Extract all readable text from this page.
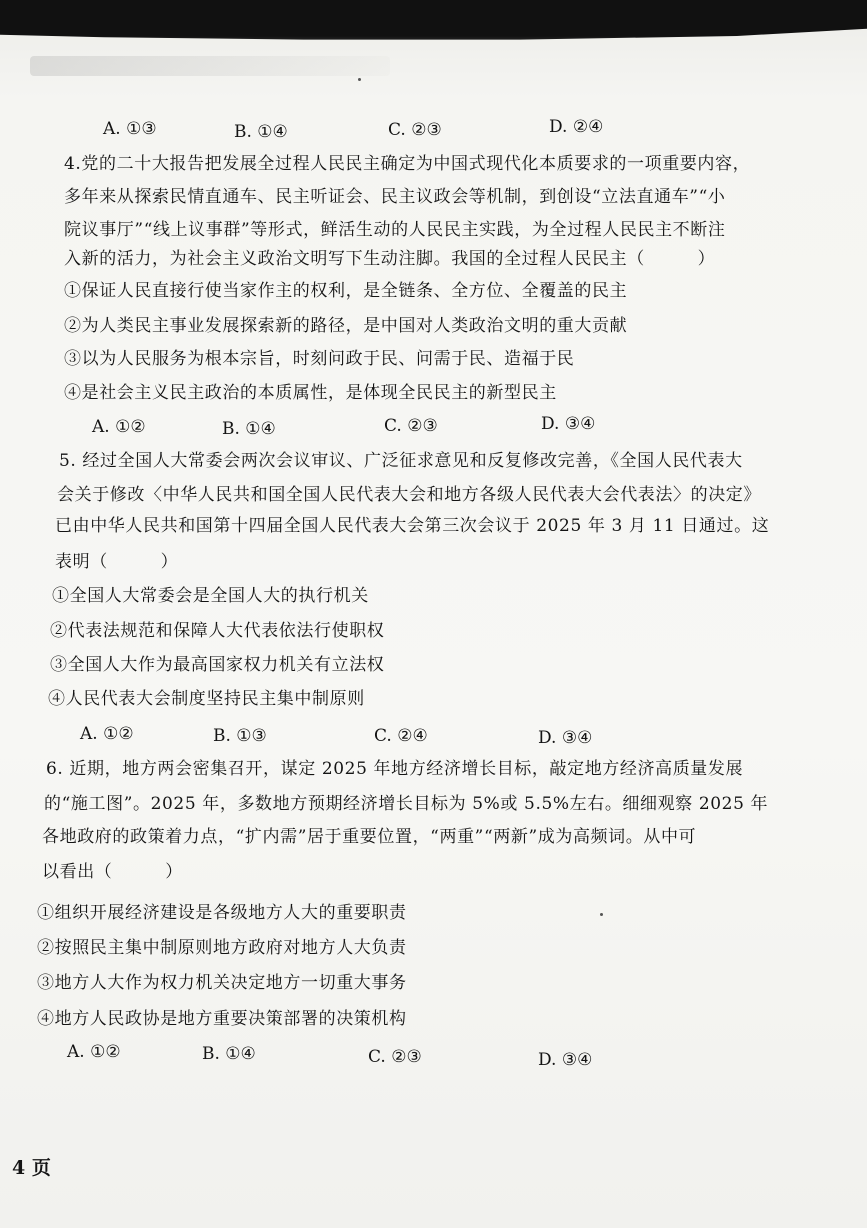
A. ①③	B. ①④	C. ②③	D. ②④
4.党的二十大报告把发展全过程人民民主确定为中国式现代化本质要求的一项重要内容，
多年来从探索民情直通车、民主听证会、民主议政会等机制，到创设“立法直通车”“小
院议事厅”“线上议事群”等形式，鲜活生动的人民民主实践，为全过程人民民主不断注
入新的活力，为社会主义政治文明写下生动注脚。我国的全过程人民民主（　　　）
①保证人民直接行使当家作主的权利，是全链条、全方位、全覆盖的民主
②为人类民主事业发展探索新的路径，是中国对人类政治文明的重大贡献
③以为人民服务为根本宗旨，时刻问政于民、问需于民、造福于民
④是社会主义民主政治的本质属性，是体现全民民主的新型民主
A. ①②	B. ①④	C. ②③	D. ③④
5. 经过全国人大常委会两次会议审议、广泛征求意见和反复修改完善，《全国人民代表大
会关于修改〈中华人民共和国全国人民代表大会和地方各级人民代表大会代表法〉的决定》
已由中华人民共和国第十四届全国人民代表大会第三次会议于 2025 年 3 月 11 日通过。这
表明（　　　）
①全国人大常委会是全国人大的执行机关
②代表法规范和保障人大代表依法行使职权
③全国人大作为最高国家权力机关有立法权
④人民代表大会制度坚持民主集中制原则
A. ①②	B. ①③	C. ②④	D. ③④
6. 近期，地方两会密集召开，谋定 2025 年地方经济增长目标，敲定地方经济高质量发展
的“施工图”。2025 年，多数地方预期经济增长目标为 5%或 5.5%左右。细细观察 2025 年
各地政府的政策着力点，“扩内需”居于重要位置，“两重”“两新”成为高频词。从中可
以看出（　　　）
①组织开展经济建设是各级地方人大的重要职责
②按照民主集中制原则地方政府对地方人大负责
③地方人大作为权力机关决定地方一切重大事务
④地方人民政协是地方重要决策部署的决策机构
A. ①②	B. ①④	C. ②③	D. ③④
4 页
